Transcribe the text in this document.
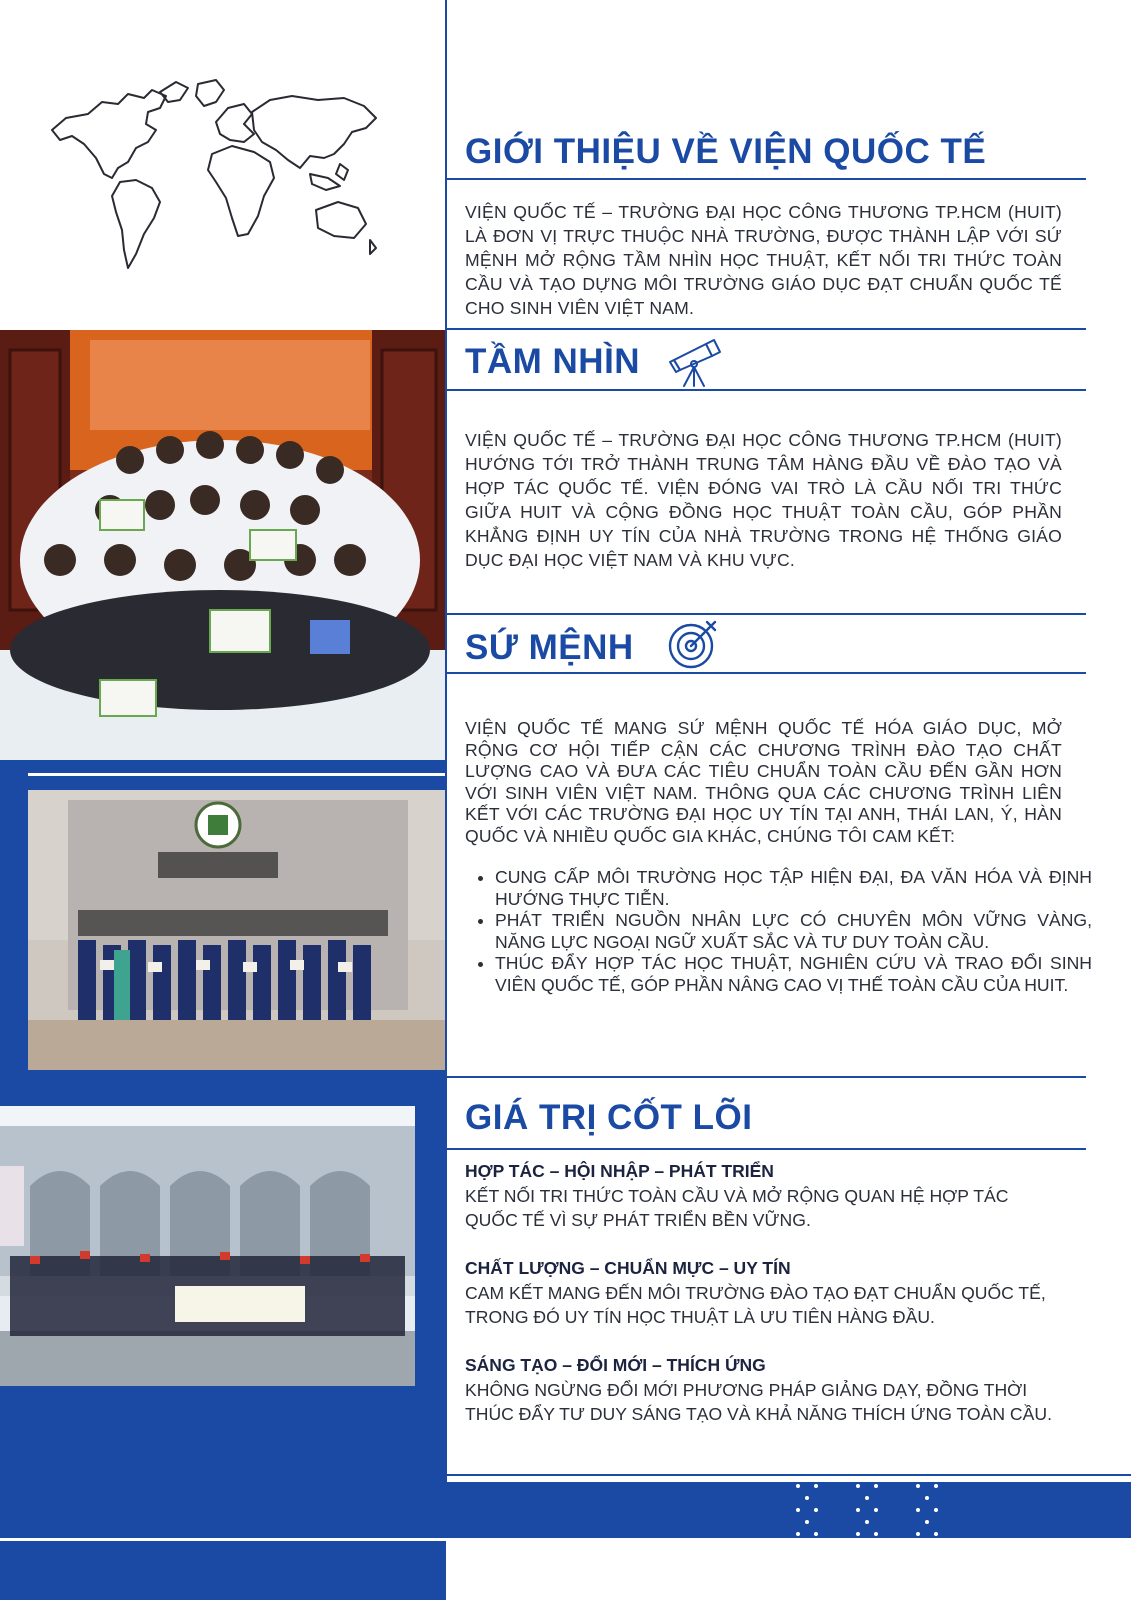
GIỚI THIỆU VỀ VIỆN QUỐC TẾ
VIỆN QUỐC TẾ – TRƯỜNG ĐẠI HỌC CÔNG THƯƠNG TP.HCM (HUIT) LÀ ĐƠN VỊ TRỰC THUỘC NHÀ TRƯỜNG, ĐƯỢC THÀNH LẬP VỚI SỨ MỆNH MỞ RỘNG TẦM NHÌN HỌC THUẬT, KẾT NỐI TRI THỨC TOÀN CẦU VÀ TẠO DỰNG MÔI TRƯỜNG GIÁO DỤC ĐẠT CHUẨN QUỐC TẾ CHO SINH VIÊN VIỆT NAM.
TẦM NHÌN
VIỆN QUỐC TẾ – TRƯỜNG ĐẠI HỌC CÔNG THƯƠNG TP.HCM (HUIT) HƯỚNG TỚI TRỞ THÀNH TRUNG TÂM HÀNG ĐẦU VỀ ĐÀO TẠO VÀ HỢP TÁC QUỐC TẾ. VIỆN ĐÓNG VAI TRÒ LÀ CẦU NỐI TRI THỨC GIỮA HUIT VÀ CỘNG ĐỒNG HỌC THUẬT TOÀN CẦU, GÓP PHẦN KHẲNG ĐỊNH UY TÍN CỦA NHÀ TRƯỜNG TRONG HỆ THỐNG GIÁO DỤC ĐẠI HỌC VIỆT NAM VÀ KHU VỰC.
SỨ MỆNH
VIỆN QUỐC TẾ MANG SỨ MỆNH QUỐC TẾ HÓA GIÁO DỤC, MỞ RỘNG CƠ HỘI TIẾP CẬN CÁC CHƯƠNG TRÌNH ĐÀO TẠO CHẤT LƯỢNG CAO VÀ ĐƯA CÁC TIÊU CHUẨN TOÀN CẦU ĐẾN GẦN HƠN VỚI SINH VIÊN VIỆT NAM. THÔNG QUA CÁC CHƯƠNG TRÌNH LIÊN KẾT VỚI CÁC TRƯỜNG ĐẠI HỌC UY TÍN TẠI ANH, THÁI LAN, Ý, HÀN QUỐC VÀ NHIỀU QUỐC GIA KHÁC, CHÚNG TÔI CAM KẾT:
• CUNG CẤP MÔI TRƯỜNG HỌC TẬP HIỆN ĐẠI, ĐA VĂN HÓA VÀ ĐỊNH HƯỚNG THỰC TIỄN.
• PHÁT TRIỂN NGUỒN NHÂN LỰC CÓ CHUYÊN MÔN VỮNG VÀNG, NĂNG LỰC NGOẠI NGỮ XUẤT SẮC VÀ TƯ DUY TOÀN CẦU.
• THÚC ĐẨY HỢP TÁC HỌC THUẬT, NGHIÊN CỨU VÀ TRAO ĐỔI SINH VIÊN QUỐC TẾ, GÓP PHẦN NÂNG CAO VỊ THẾ TOÀN CẦU CỦA HUIT.
GIÁ TRỊ CỐT LÕI
HỢP TÁC – HỘI NHẬP – PHÁT TRIỂN
KẾT NỐI TRI THỨC TOÀN CẦU VÀ MỞ RỘNG QUAN HỆ HỢP TÁC QUỐC TẾ VÌ SỰ PHÁT TRIỂN BỀN VỮNG.
CHẤT LƯỢNG – CHUẨN MỰC – UY TÍN
CAM KẾT MANG ĐẾN MÔI TRƯỜNG ĐÀO TẠO ĐẠT CHUẨN QUỐC TẾ, TRONG ĐÓ UY TÍN HỌC THUẬT LÀ ƯU TIÊN HÀNG ĐẦU.
SÁNG TẠO – ĐỔI MỚI – THÍCH ỨNG
KHÔNG NGỪNG ĐỔI MỚI PHƯƠNG PHÁP GIẢNG DẠY, ĐỒNG THỜI THÚC ĐẨY TƯ DUY SÁNG TẠO VÀ KHẢ NĂNG THÍCH ỨNG TOÀN CẦU.
